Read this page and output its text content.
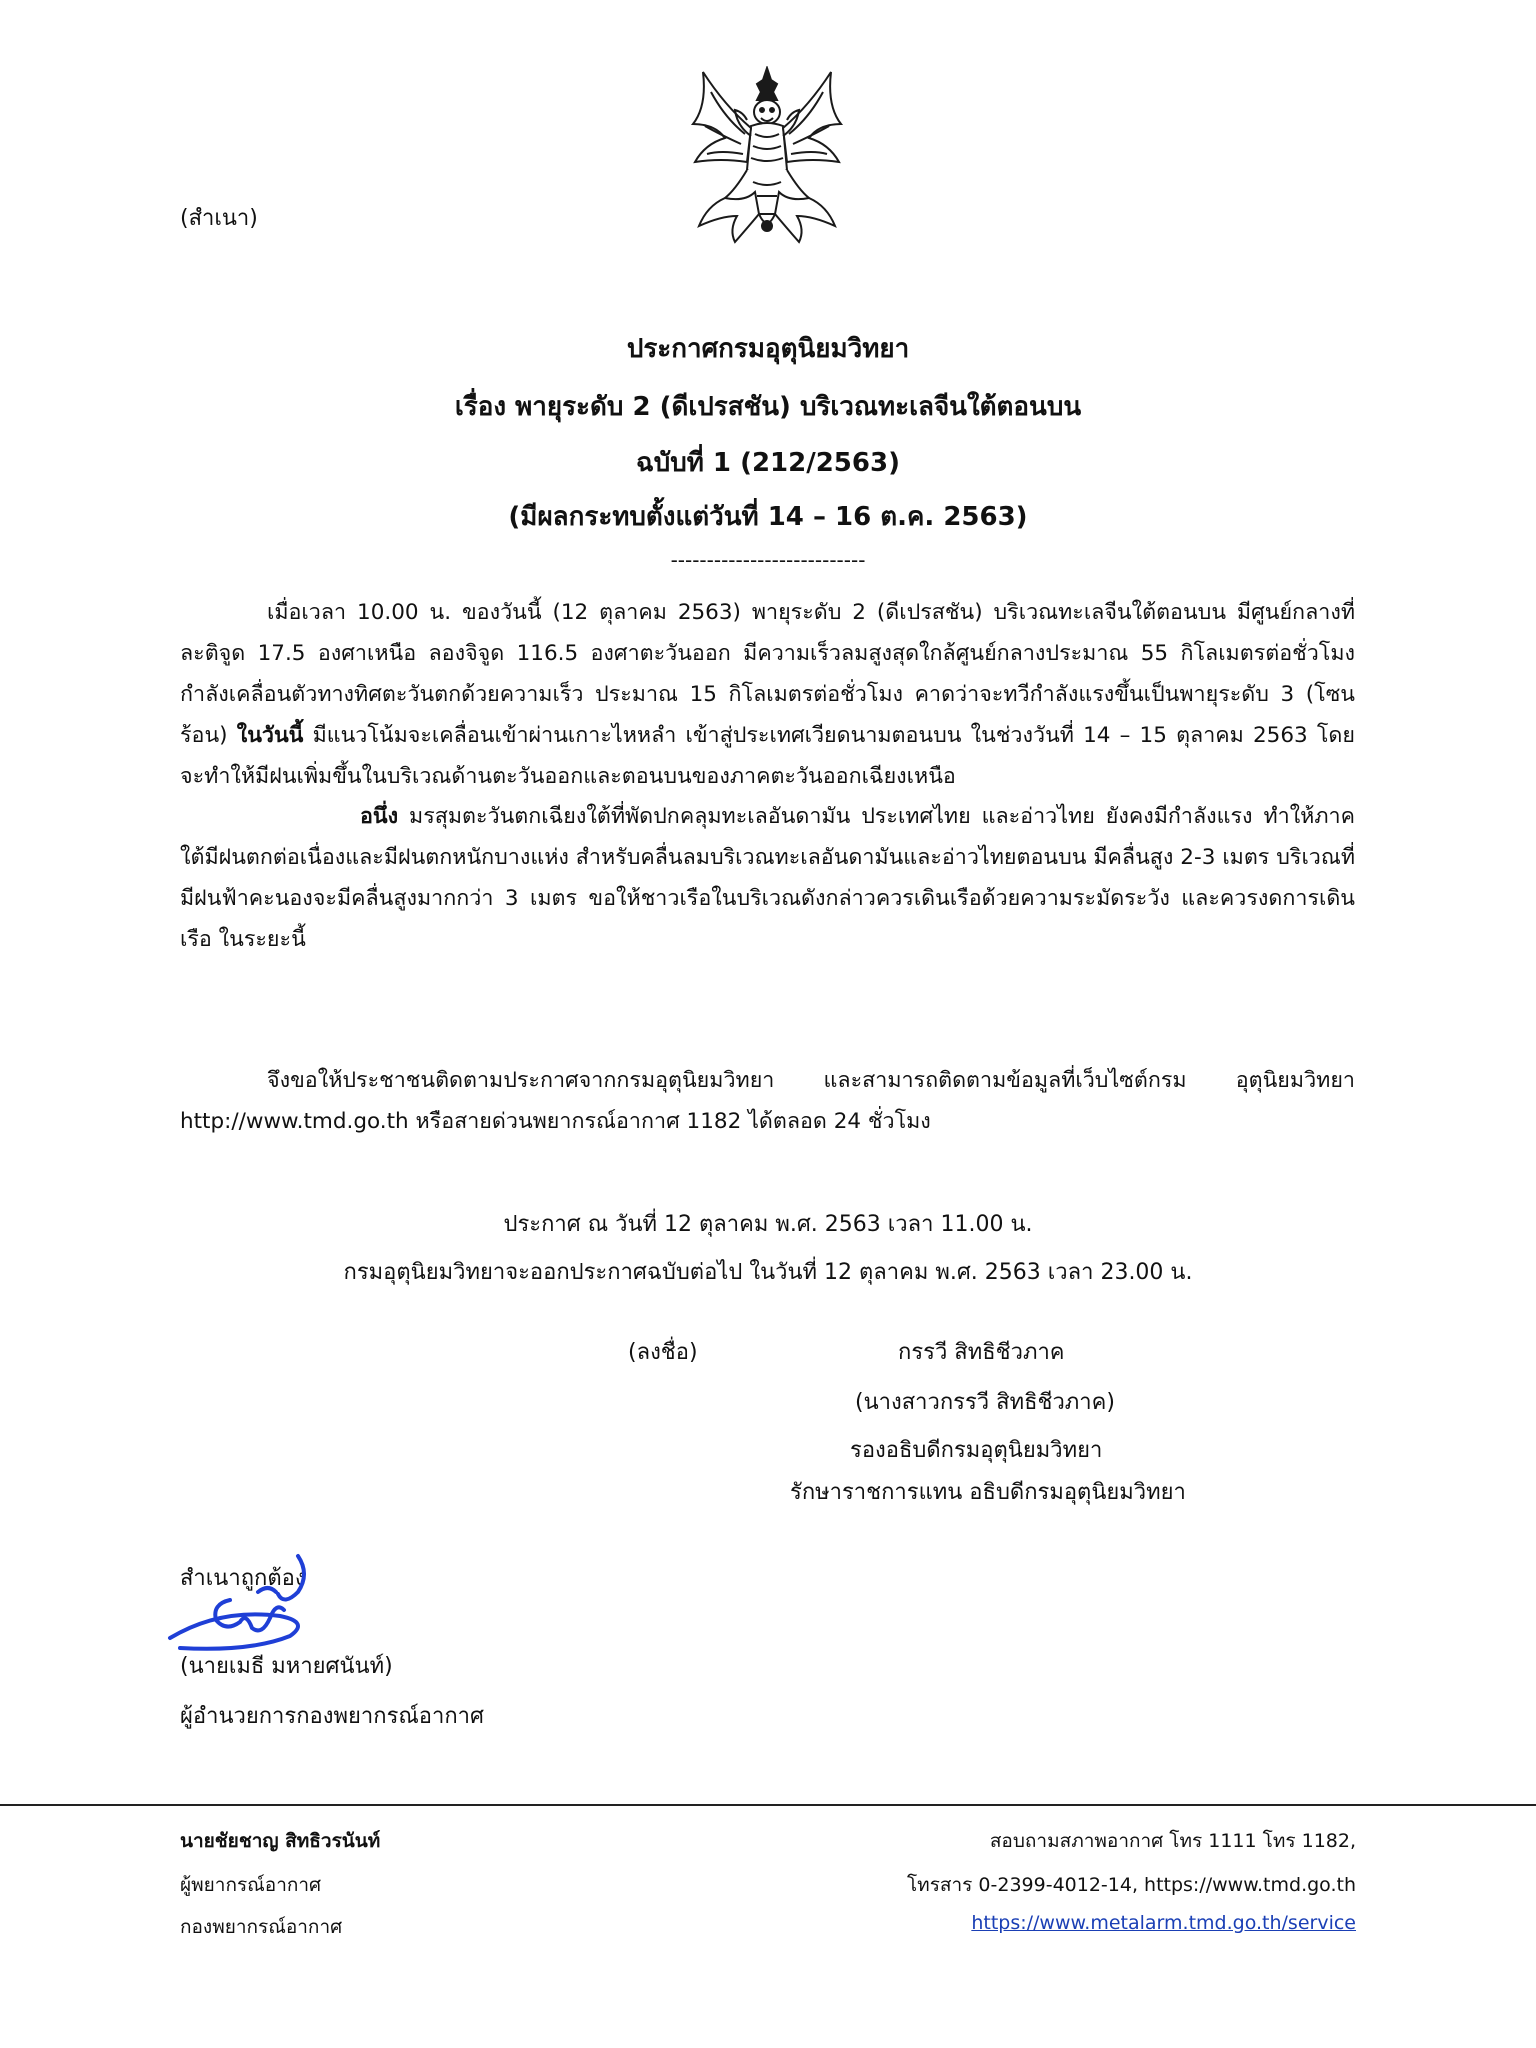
(สำเนา)
ประกาศกรมอุตุนิยมวิทยา
เรื่อง พายุระดับ 2 (ดีเปรสชัน) บริเวณทะเลจีนใต้ตอนบน
ฉบับที่ 1 (212/2563)
(มีผลกระทบตั้งแต่วันที่ 14 – 16 ต.ค. 2563)
---------------------------
เมื่อเวลา 10.00 น. ของวันนี้ (12 ตุลาคม 2563) พายุระดับ 2 (ดีเปรสชัน) บริเวณทะเลจีนใต้ตอนบน มีศูนย์กลางที่ละติจูด 17.5 องศาเหนือ ลองจิจูด 116.5 องศาตะวันออก มีความเร็วลมสูงสุดใกล้ศูนย์กลางประมาณ 55 กิโลเมตรต่อชั่วโมง กำลังเคลื่อนตัวทางทิศตะวันตกด้วยความเร็ว ประมาณ 15 กิโลเมตรต่อชั่วโมง คาดว่าจะทวีกำลังแรงขึ้นเป็นพายุระดับ 3 (โซนร้อน) ในวันนี้ มีแนวโน้มจะเคลื่อนเข้าผ่านเกาะไหหลำ เข้าสู่ประเทศเวียดนามตอนบน ในช่วงวันที่ 14 – 15 ตุลาคม 2563 โดยจะทำให้มีฝนเพิ่มขึ้นในบริเวณด้านตะวันออกและตอนบนของภาคตะวันออกเฉียงเหนือ
อนึ่ง มรสุมตะวันตกเฉียงใต้ที่พัดปกคลุมทะเลอันดามัน ประเทศไทย และอ่าวไทย ยังคงมีกำลังแรง ทำให้ภาคใต้มีฝนตกต่อเนื่องและมีฝนตกหนักบางแห่ง สำหรับคลื่นลมบริเวณทะเลอันดามันและอ่าวไทยตอนบน มีคลื่นสูง 2-3 เมตร บริเวณที่มีฝนฟ้าคะนองจะมีคลื่นสูงมากกว่า 3 เมตร ขอให้ชาวเรือในบริเวณดังกล่าวควรเดินเรือด้วยความระมัดระวัง และควรงดการเดินเรือ ในระยะนี้
จึงขอให้ประชาชนติดตามประกาศจากกรมอุตุนิยมวิทยา และสามารถติดตามข้อมูลที่เว็บไซต์กรม อุตุนิยมวิทยา http://www.tmd.go.th หรือสายด่วนพยากรณ์อากาศ 1182 ได้ตลอด 24 ชั่วโมง
ประกาศ ณ วันที่ 12 ตุลาคม พ.ศ. 2563 เวลา 11.00 น.
กรมอุตุนิยมวิทยาจะออกประกาศฉบับต่อไป ในวันที่ 12 ตุลาคม พ.ศ. 2563 เวลา 23.00 น.
(ลงชื่อ)	กรรวี สิทธิชีวภาค
(นางสาวกรรวี สิทธิชีวภาค)
รองอธิบดีกรมอุตุนิยมวิทยา
รักษาราชการแทน อธิบดีกรมอุตุนิยมวิทยา
สำเนาถูกต้อง
(นายเมธี มหายศนันท์)
ผู้อำนวยการกองพยากรณ์อากาศ
นายชัยชาญ สิทธิวรนันท์
ผู้พยากรณ์อากาศ
กองพยากรณ์อากาศ
สอบถามสภาพอากาศ โทร 1111 โทร 1182,
โทรสาร 0-2399-4012-14, https://www.tmd.go.th
https://www.metalarm.tmd.go.th/service
